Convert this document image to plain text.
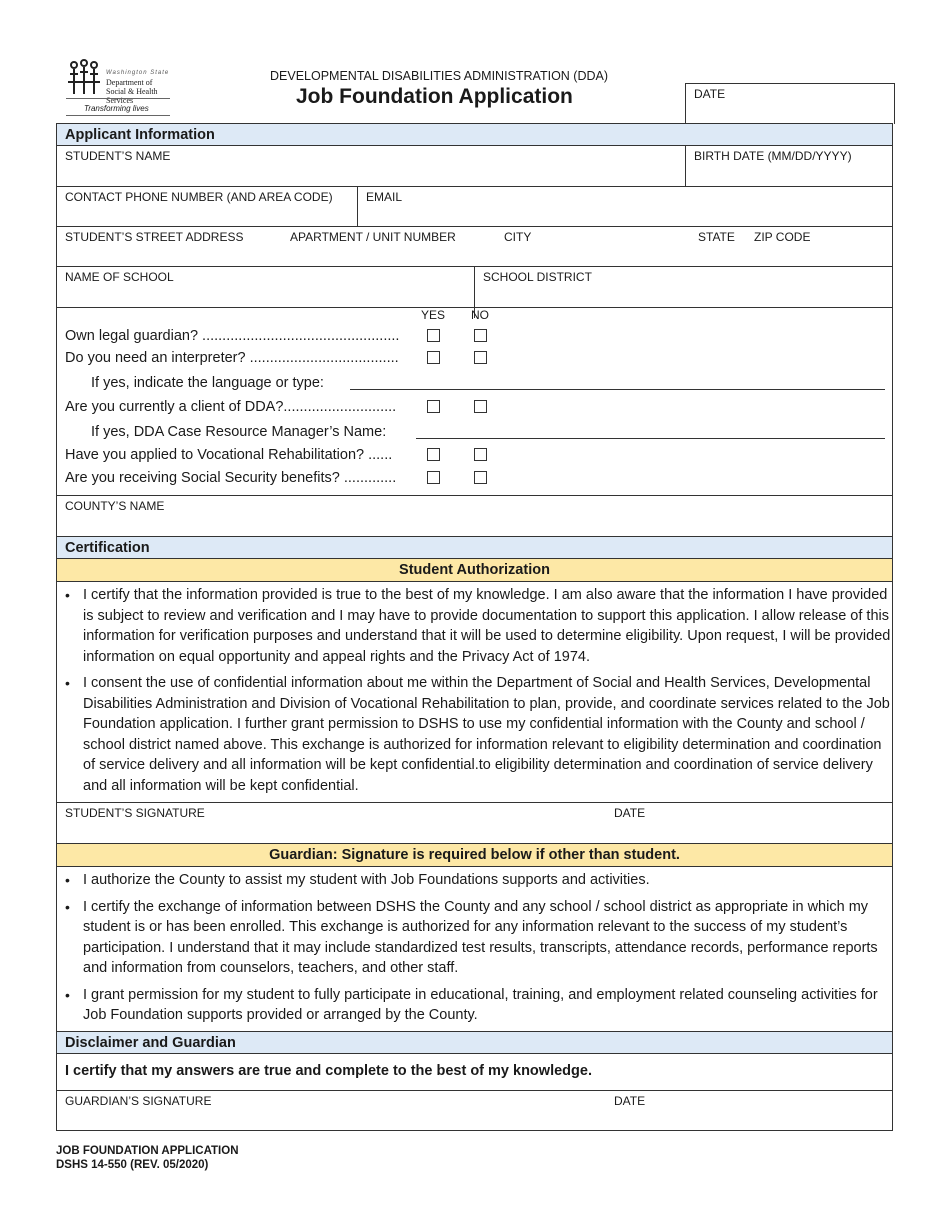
Washington State
Department of Social & Health Services
Transforming lives
DEVELOPMENTAL DISABILITIES ADMINISTRATION (DDA)
Job Foundation Application	DATE
Applicant Information
STUDENT’S NAME	BIRTH DATE (MM/DD/YYYY)
CONTACT PHONE NUMBER (AND AREA CODE)	EMAIL
STUDENT’S STREET ADDRESS	APARTMENT / UNIT NUMBER	CITY	STATE ZIP CODE
NAME OF SCHOOL	SCHOOL DISTRICT
YES NO
Own legal guardian? .................................................
Do you need an interpreter? .....................................
If yes, indicate the language or type:
Are you currently a client of DDA?............................
If yes, DDA Case Resource Manager’s Name:
Have you applied to Vocational Rehabilitation? ......
Are you receiving Social Security benefits? .............
COUNTY’S NAME
Certification
Student Authorization
• I certify that the information provided is true to the best of my knowledge. I am also aware that the information I have provided is subject to review and verification and I may have to provide documentation to support this application. I allow release of this information for verification purposes and understand that it will be used to determine eligibility. Upon request, I will be provided information on equal opportunity and appeal rights and the Privacy Act of 1974.
• I consent the use of confidential information about me within the Department of Social and Health Services, Developmental Disabilities Administration and Division of Vocational Rehabilitation to plan, provide, and coordinate services related to the Job Foundation application. I further grant permission to DSHS to use my confidential information with the County and school / school district named above. This exchange is authorized for information relevant to eligibility determination and coordination of service delivery and all information will be kept confidential.to eligibility determination and coordination of service delivery and all information will be kept confidential.
STUDENT’S SIGNATURE	DATE
Guardian: Signature is required below if other than student.
• I authorize the County to assist my student with Job Foundations supports and activities.
• I certify the exchange of information between DSHS the County and any school / school district as appropriate in which my student is or has been enrolled. This exchange is authorized for any information relevant to the success of my student’s participation. I understand that it may include standardized test results, transcripts, attendance records, performance reports and information from counselors, teachers, and other staff.
• I grant permission for my student to fully participate in educational, training, and employment related counseling activities for Job Foundation supports provided or arranged by the County.
Disclaimer and Guardian
I certify that my answers are true and complete to the best of my knowledge.
GUARDIAN’S SIGNATURE	DATE
JOB FOUNDATION APPLICATION
DSHS 14-550 (REV. 05/2020)
